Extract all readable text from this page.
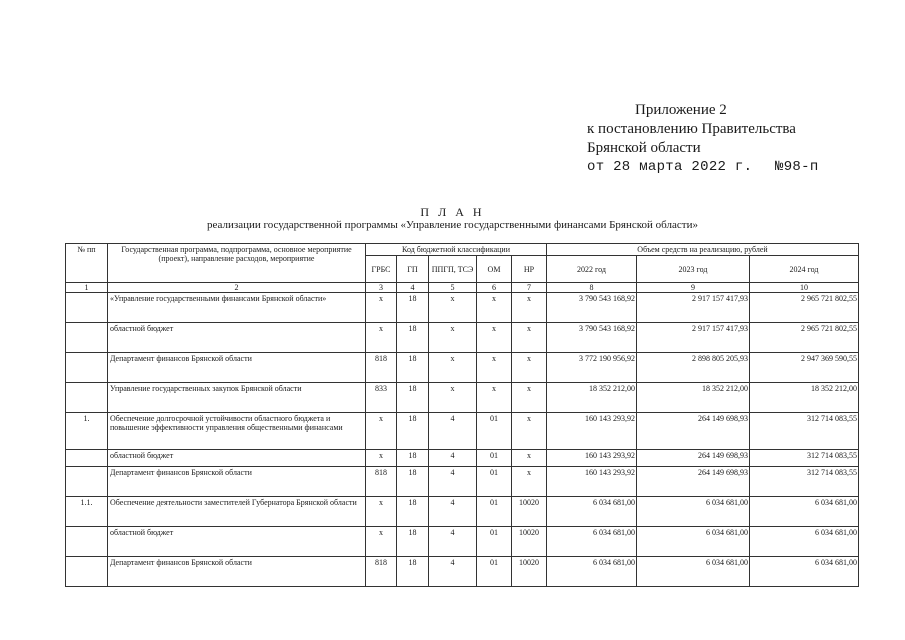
Приложение 2
к постановлению Правительства
Брянской области
от 28 марта 2022 г. №98-п
П Л А Н
реализации государственной программы «Управление государственными финансами Брянской области»
№ пп	Государственная программа, подпрограмма, основное мероприятие (проект), направление расходов, мероприятие	Код бюджетной классификации					Объем средств на реализацию, рублей		
		ГРБС	ГП	ППГП, ТСЭ	ОМ	НР	2022 год	2023 год	2024 год
1	2	3	4	5	6	7	8	9	10
	«Управление государственными финансами Брянской области»	х	18	х	х	х	3 790 543 168,92	2 917 157 417,93	2 965 721 802,55
	областной бюджет	х	18	х	х	х	3 790 543 168,92	2 917 157 417,93	2 965 721 802,55
	Департамент финансов Брянской области	818	18	х	х	х	3 772 190 956,92	2 898 805 205,93	2 947 369 590,55
	Управление государственных закупок Брянской области	833	18	х	х	х	18 352 212,00	18 352 212,00	18 352 212,00
1.	Обеспечение долгосрочной устойчивости областного бюджета и повышение эффективности управления общественными финансами	х	18	4	01	х	160 143 293,92	264 149 698,93	312 714 083,55
	областной бюджет	х	18	4	01	х	160 143 293,92	264 149 698,93	312 714 083,55
	Департамент финансов Брянской области	818	18	4	01	х	160 143 293,92	264 149 698,93	312 714 083,55
1.1.	Обеспечение деятельности заместителей Губернатора Брянской области	х	18	4	01	10020	6 034 681,00	6 034 681,00	6 034 681,00
	областной бюджет	х	18	4	01	10020	6 034 681,00	6 034 681,00	6 034 681,00
	Департамент финансов Брянской области	818	18	4	01	10020	6 034 681,00	6 034 681,00	6 034 681,00
